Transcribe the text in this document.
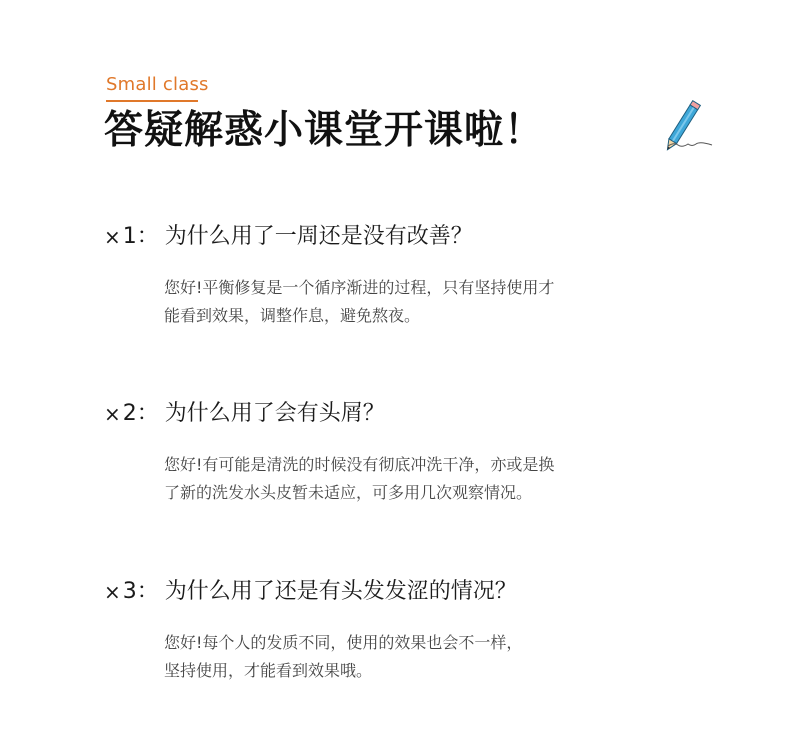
Small class
答疑解惑小课堂开课啦！
× 1： 为什么用了一周还是没有改善？

您好!平衡修复是一个循序渐进的过程，只有坚持使用才

能看到效果，调整作息，避免熬夜。

× 2： 为什么用了会有头屑？

您好!有可能是清洗的时候没有彻底冲洗干净，亦或是换

了新的洗发水头皮暂未适应，可多用几次观察情况。

× 3： 为什么用了还是有头发发涩的情况？

您好!每个人的发质不同，使用的效果也会不一样，

坚持使用，才能看到效果哦。
